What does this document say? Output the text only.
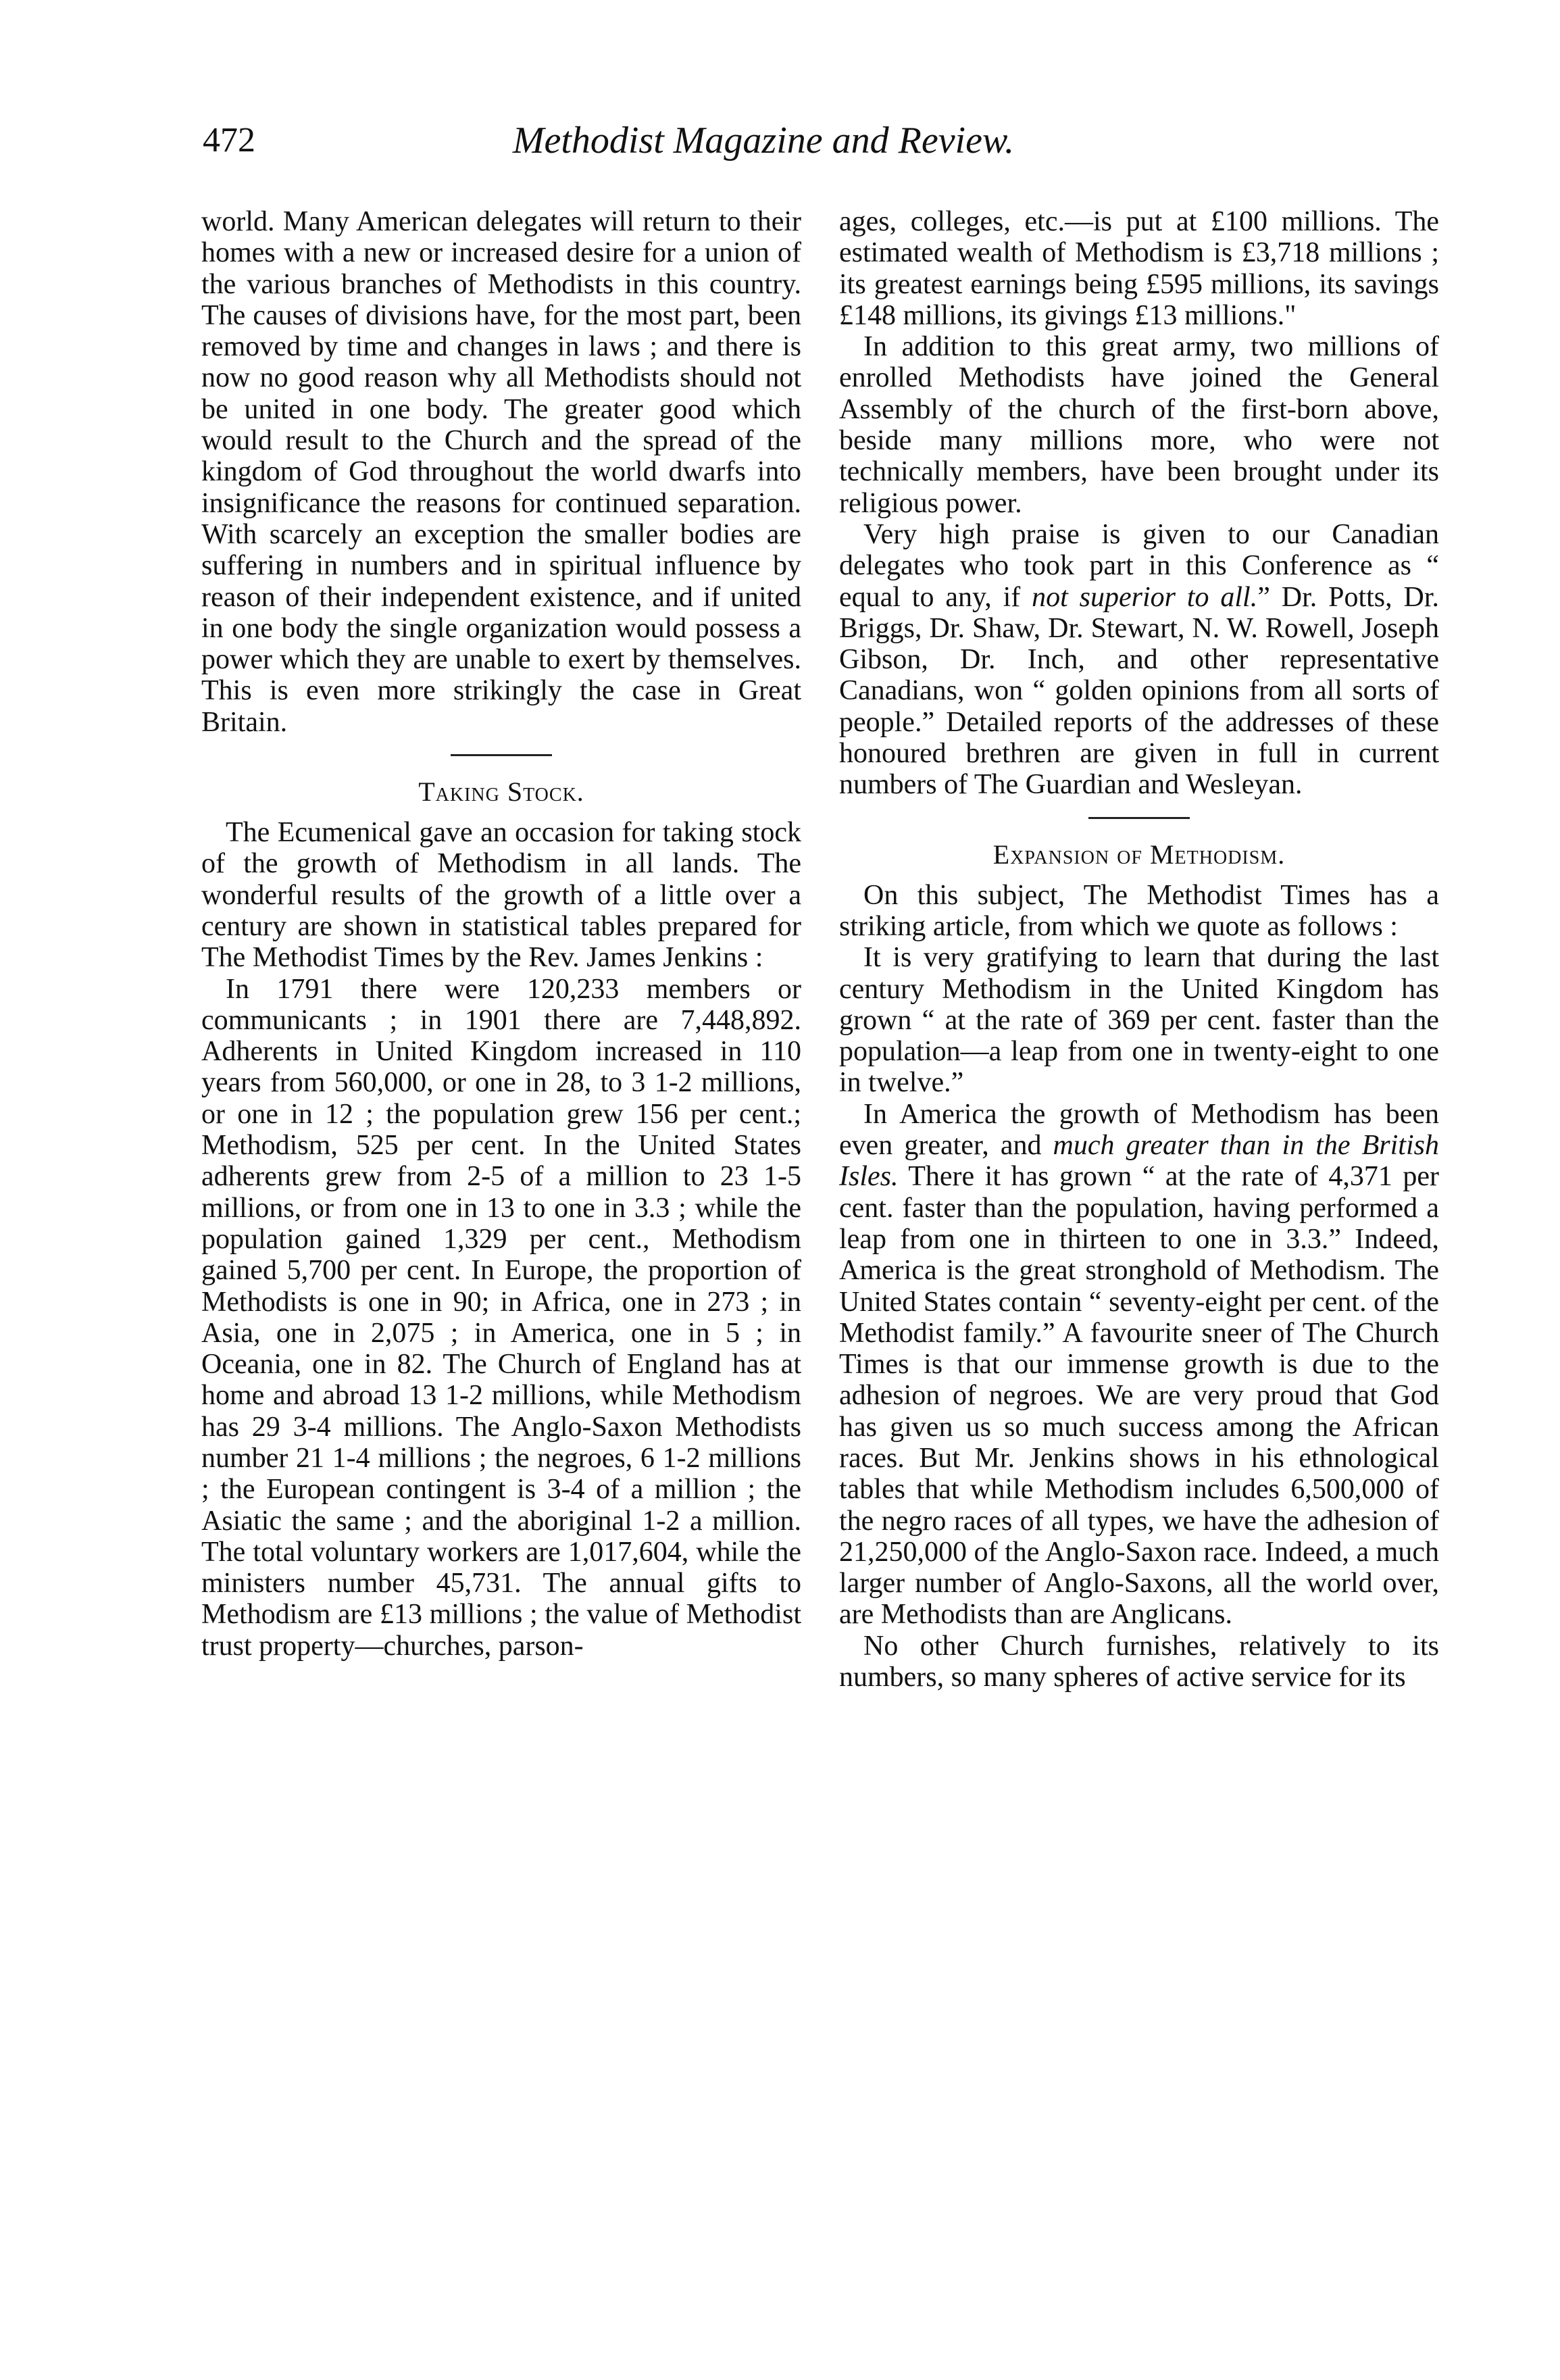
472	Methodist Magazine and Review.

world. Many American delegates will return to their homes with a new or increased desire for a union of the various branches of Methodists in this country. The causes of divisions have, for the most part, been removed by time and changes in laws ; and there is now no good reason why all Methodists should not be united in one body. The greater good which would result to the Church and the spread of the kingdom of God throughout the world dwarfs into insignificance the reasons for continued separation. With scarcely an exception the smaller bodies are suffering in numbers and in spiritual influence by reason of their independent existence, and if united in one body the single organization would possess a power which they are unable to exert by themselves. This is even more strikingly the case in Great Britain.

Taking Stock.

The Ecumenical gave an occasion for taking stock of the growth of Methodism in all lands. The wonderful results of the growth of a little over a century are shown in statistical tables prepared for The Methodist Times by the Rev. James Jenkins :

In 1791 there were 120,233 members or communicants ; in 1901 there are 7,448,892. Adherents in United Kingdom increased in 110 years from 560,000, or one in 28, to 3 1-2 millions, or one in 12 ; the population grew 156 per cent.; Methodism, 525 per cent. In the United States adherents grew from 2-5 of a million to 23 1-5 millions, or from one in 13 to one in 3.3 ; while the population gained 1,329 per cent., Methodism gained 5,700 per cent. In Europe, the proportion of Methodists is one in 90; in Africa, one in 273 ; in Asia, one in 2,075 ; in America, one in 5 ; in Oceania, one in 82. The Church of England has at home and abroad 13 1-2 millions, while Methodism has 29 3-4 millions. The Anglo-Saxon Methodists number 21 1-4 millions ; the negroes, 6 1-2 millions ; the European contingent is 3-4 of a million ; the Asiatic the same ; and the aboriginal 1-2 a million. The total voluntary workers are 1,017,604, while the ministers number 45,731. The annual gifts to Methodism are £13 millions ; the value of Methodist trust property—churches, parson-

ages, colleges, etc.—is put at £100 millions. The estimated wealth of Methodism is £3,718 millions ; its greatest earnings being £595 millions, its savings £148 millions, its givings £13 millions."

In addition to this great army, two millions of enrolled Methodists have joined the General Assembly of the church of the first-born above, beside many millions more, who were not technically members, have been brought under its religious power.

Very high praise is given to our Canadian delegates who took part in this Conference as “ equal to any, if not superior to all.” Dr. Potts, Dr. Briggs, Dr. Shaw, Dr. Stewart, N. W. Rowell, Joseph Gibson, Dr. Inch, and other representative Canadians, won “ golden opinions from all sorts of people.” Detailed reports of the addresses of these honoured brethren are given in full in current numbers of The Guardian and Wesleyan.

Expansion of Methodism.

On this subject, The Methodist Times has a striking article, from which we quote as follows :

It is very gratifying to learn that during the last century Methodism in the United Kingdom has grown “ at the rate of 369 per cent. faster than the population—a leap from one in twenty-eight to one in twelve.”

In America the growth of Methodism has been even greater, and much greater than in the British Isles. There it has grown “ at the rate of 4,371 per cent. faster than the population, having performed a leap from one in thirteen to one in 3.3.” Indeed, America is the great stronghold of Methodism. The United States contain “ seventy-eight per cent. of the Methodist family.” A favourite sneer of The Church Times is that our immense growth is due to the adhesion of negroes. We are very proud that God has given us so much success among the African races. But Mr. Jenkins shows in his ethnological tables that while Methodism includes 6,500,000 of the negro races of all types, we have the adhesion of 21,250,000 of the Anglo-Saxon race. Indeed, a much larger number of Anglo-Saxons, all the world over, are Methodists than are Anglicans.

No other Church furnishes, relatively to its numbers, so many spheres of active service for its
